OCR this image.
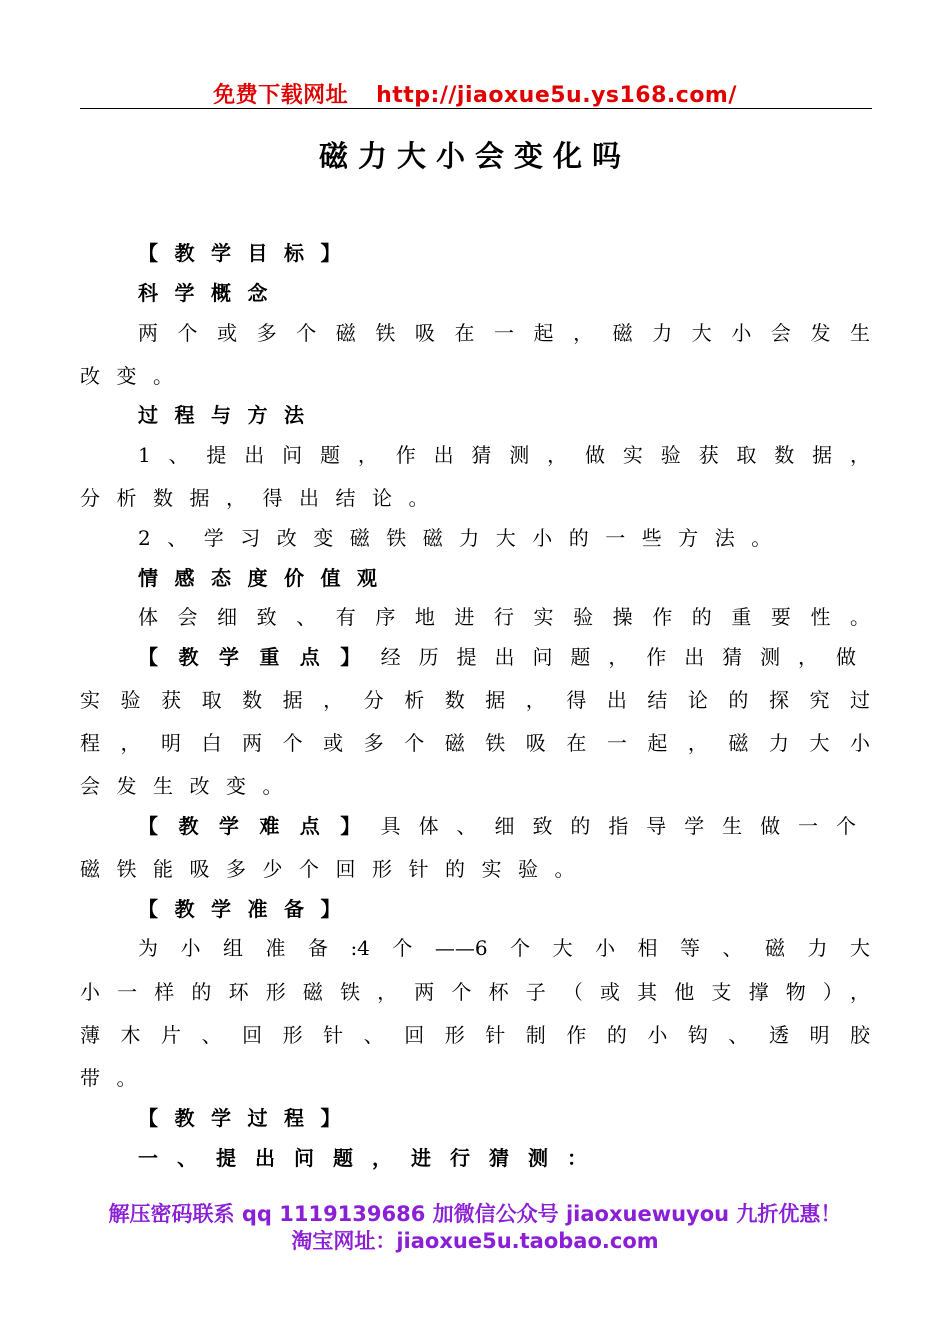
免费下载网址 http://jiaoxue5u.ys168.com/
磁力大小会变化吗
【教学目标】
科学概念
两个或多个磁铁吸在一起，磁力大小会发生
改变。
过程与方法
1、提出问题，作出猜测，做实验获取数据，
分析数据，得出结论。
2、学习改变磁铁磁力大小的一些方法。
情感态度价值观
体会细致、有序地进行实验操作的重要性。
【教学重点】经历提出问题，作出猜测，做
实验获取数据，分析数据，得出结论的探究过
程，明白两个或多个磁铁吸在一起，磁力大小
会发生改变。
【教学难点】具体、细致的指导学生做一个
磁铁能吸多少个回形针的实验。
【教学准备】
为小组准备:4个——6个大小相等、磁力大
小一样的环形磁铁，两个杯子（或其他支撑物），
薄木片、回形针、回形针制作的小钩、透明胶
带。
【教学过程】
一、提出问题，进行猜测：
解压密码联系 qq 1119139686 加微信公众号 jiaoxuewuyou 九折优惠！
淘宝网址：jiaoxue5u.taobao.com
